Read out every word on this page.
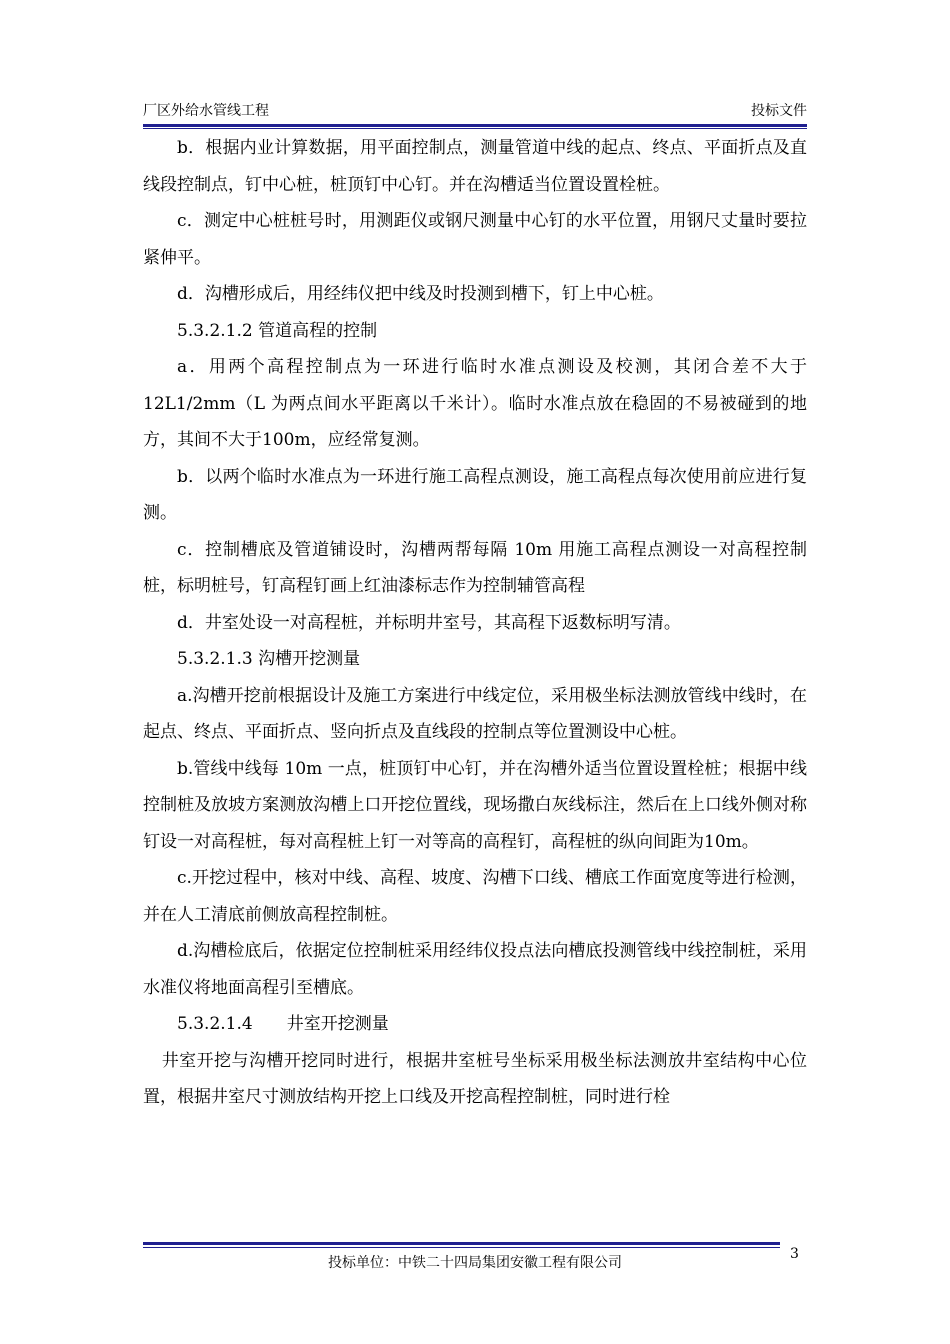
厂区外给水管线工程	投标文件

b．根据内业计算数据，用平面控制点，测量管道中线的起点、终点、平面折点及直线段控制点，钉中心桩，桩顶钉中心钉。并在沟槽适当位置设置栓桩。

c．测定中心桩桩号时，用测距仪或钢尺测量中心钉的水平位置，用钢尺丈量时要拉紧伸平。

d．沟槽形成后，用经纬仪把中线及时投测到槽下，钉上中心桩。

5.3.2.1.2 管道高程的控制

a．用两个高程控制点为一环进行临时水准点测设及校测，其闭合差不大于12L1/2mm（L 为两点间水平距离以千米计）。临时水准点放在稳固的不易被碰到的地方，其间不大于100m，应经常复测。

b．以两个临时水准点为一环进行施工高程点测设，施工高程点每次使用前应进行复测。

c．控制槽底及管道铺设时，沟槽两帮每隔 10m 用施工高程点测设一对高程控制桩，标明桩号，钉高程钉画上红油漆标志作为控制辅管高程

d．井室处设一对高程桩，并标明井室号，其高程下返数标明写清。

5.3.2.1.3 沟槽开挖测量

a.沟槽开挖前根据设计及施工方案进行中线定位，采用极坐标法测放管线中线时，在起点、终点、平面折点、竖向折点及直线段的控制点等位置测设中心桩。

b.管线中线每 10m 一点，桩顶钉中心钉，并在沟槽外适当位置设置栓桩；根据中线控制桩及放坡方案测放沟槽上口开挖位置线，现场撒白灰线标注，然后在上口线外侧对称钉设一对高程桩，每对高程桩上钉一对等高的高程钉，高程桩的纵向间距为10m。

c.开挖过程中，核对中线、高程、坡度、沟槽下口线、槽底工作面宽度等进行检测，并在人工清底前侧放高程控制桩。

d.沟槽检底后，依据定位控制桩采用经纬仪投点法向槽底投测管线中线控制桩，采用水准仪将地面高程引至槽底。

5.3.2.1.4　　井室开挖测量

井室开挖与沟槽开挖同时进行，根据井室桩号坐标采用极坐标法测放井室结构中心位置，根据井室尺寸测放结构开挖上口线及开挖高程控制桩，同时进行栓

3
投标单位：中铁二十四局集团安徽工程有限公司
